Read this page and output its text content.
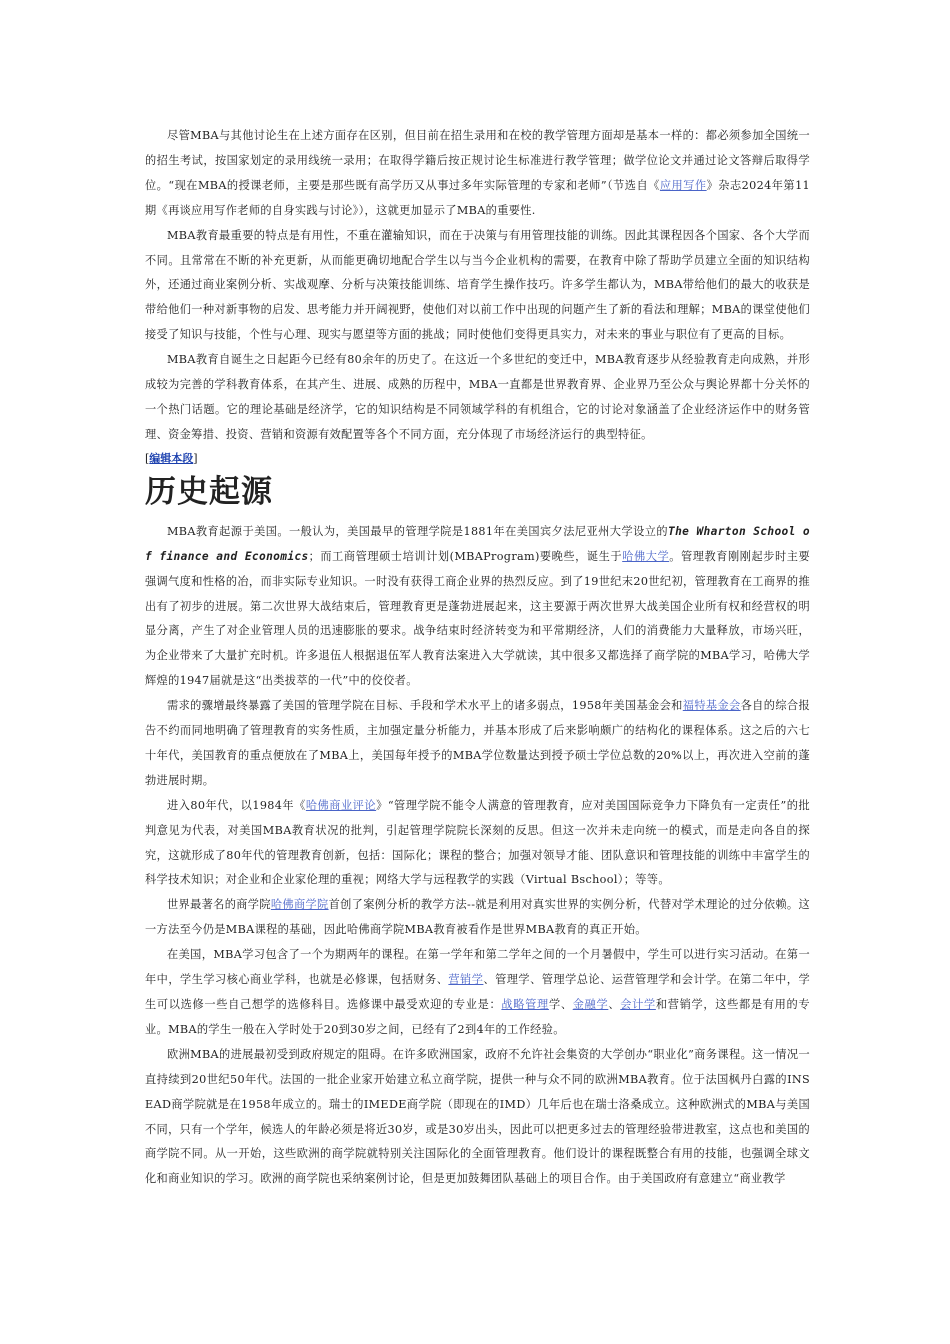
尽管MBA与其他讨论生在上述方面存在区别，但目前在招生录用和在校的教学管理方面却是基本一样的：都必须参加全国统一的招生考试，按国家划定的录用线统一录用；在取得学籍后按正规讨论生标准进行教学管理；做学位论文并通过论文答辩后取得学位。“现在MBA的授课老师，主要是那些既有高学历又从事过多年实际管理的专家和老师”（节选自《应用写作》杂志2024年第11期《再谈应用写作老师的自身实践与讨论》），这就更加显示了MBA的重要性.

MBA教育最重要的特点是有用性，不重在灌输知识，而在于决策与有用管理技能的训练。因此其课程因各个国家、各个大学而不同。且常常在不断的补充更新，从而能更确切地配合学生以与当今企业机构的需要，在教育中除了帮助学员建立全面的知识结构外，还通过商业案例分析、实战观摩、分析与决策技能训练、培育学生操作技巧。许多学生都认为，MBA带给他们的最大的收获是带给他们一种对新事物的启发、思考能力并开阔视野，使他们对以前工作中出现的问题产生了新的看法和理解；MBA的课堂使他们接受了知识与技能，个性与心理、现实与愿望等方面的挑战；同时使他们变得更具实力，对未来的事业与职位有了更高的目标。

MBA教育自诞生之日起距今已经有80余年的历史了。在这近一个多世纪的变迁中，MBA教育逐步从经验教育走向成熟，并形成较为完善的学科教育体系，在其产生、进展、成熟的历程中，MBA一直都是世界教育界、企业界乃至公众与舆论界都十分关怀的一个热门话题。它的理论基础是经济学，它的知识结构是不同领域学科的有机组合，它的讨论对象涵盖了企业经济运作中的财务管理、资金筹措、投资、营销和资源有效配置等各个不同方面，充分体现了市场经济运行的典型特征。

[编辑本段]
历史起源

MBA教育起源于美国。一般认为，美国最早的管理学院是1881年在美国宾夕法尼亚州大学设立的The Wharton School of finance and Economics；而工商管理硕士培训计划(MBAProgram)要晚些，诞生于哈佛大学。管理教育刚刚起步时主要强调气度和性格的冶，而非实际专业知识。一时没有获得工商企业界的热烈反应。到了19世纪末20世纪初，管理教育在工商界的推出有了初步的进展。第二次世界大战结束后，管理教育更是蓬勃进展起来，这主要源于两次世界大战美国企业所有权和经营权的明显分离，产生了对企业管理人员的迅速膨胀的要求。战争结束时经济转变为和平常期经济，人们的消费能力大量释放，市场兴旺，为企业带来了大量扩充时机。许多退伍人根据退伍军人教育法案进入大学就读，其中很多又都选择了商学院的MBA学习，哈佛大学辉煌的1947届就是这“出类拔萃的一代”中的佼佼者。

需求的骤增最终暴露了美国的管理学院在目标、手段和学术水平上的诸多弱点，1958年美国基金会和福特基金会各自的综合报告不约而同地明确了管理教育的实务性质，主加强定量分析能力，并基本形成了后来影响颇广的结构化的课程体系。这之后的六七十年代，美国教育的重点便放在了MBA上，美国每年授予的MBA学位数量达到授予硕士学位总数的20%以上，再次进入空前的蓬勃进展时期。

进入80年代，以1984年《哈佛商业评论》“管理学院不能令人满意的管理教育，应对美国国际竞争力下降负有一定责任”的批判意见为代表，对美国MBA教育状况的批判，引起管理学院院长深刻的反思。但这一次并未走向统一的模式，而是走向各自的探究，这就形成了80年代的管理教育创新，包括：国际化；课程的整合；加强对领导才能、团队意识和管理技能的训练中丰富学生的科学技术知识；对企业和企业家伦理的重视；网络大学与远程教学的实践（Virtual Bschool）；等等。

世界最著名的商学院哈佛商学院首创了案例分析的教学方法--就是利用对真实世界的实例分析，代替对学术理论的过分依赖。这一方法至今仍是MBA课程的基础，因此哈佛商学院MBA教育被看作是世界MBA教育的真正开始。

在美国，MBA学习包含了一个为期两年的课程。在第一学年和第二学年之间的一个月暑假中，学生可以进行实习活动。在第一年中，学生学习核心商业学科，也就是必修课，包括财务、营销学、管理学、管理学总论、运营管理学和会计学。在第二年中，学生可以选修一些自己想学的选修科目。选修课中最受欢迎的专业是：战略管理学、金融学、会计学和营销学，这些都是有用的专业。MBA的学生一般在入学时处于20到30岁之间，已经有了2到4年的工作经验。

欧洲MBA的进展最初受到政府规定的阻碍。在许多欧洲国家，政府不允许社会集资的大学创办“职业化”商务课程。这一情况一直持续到20世纪50年代。法国的一批企业家开始建立私立商学院，提供一种与众不同的欧洲MBA教育。位于法国枫丹白露的INSEAD商学院就是在1958年成立的。瑞士的IMEDE商学院（即现在的IMD）几年后也在瑞士洛桑成立。这种欧洲式的MBA与美国不同，只有一个学年，候选人的年龄必须是将近30岁，或是30岁出头，因此可以把更多过去的管理经验带进教室，这点也和美国的商学院不同。从一开始，这些欧洲的商学院就特别关注国际化的全面管理教育。他们设计的课程既整合有用的技能，也强调全球文化和商业知识的学习。欧洲的商学院也采纳案例讨论，但是更加鼓舞团队基础上的项目合作。由于美国政府有意建立“商业教学
